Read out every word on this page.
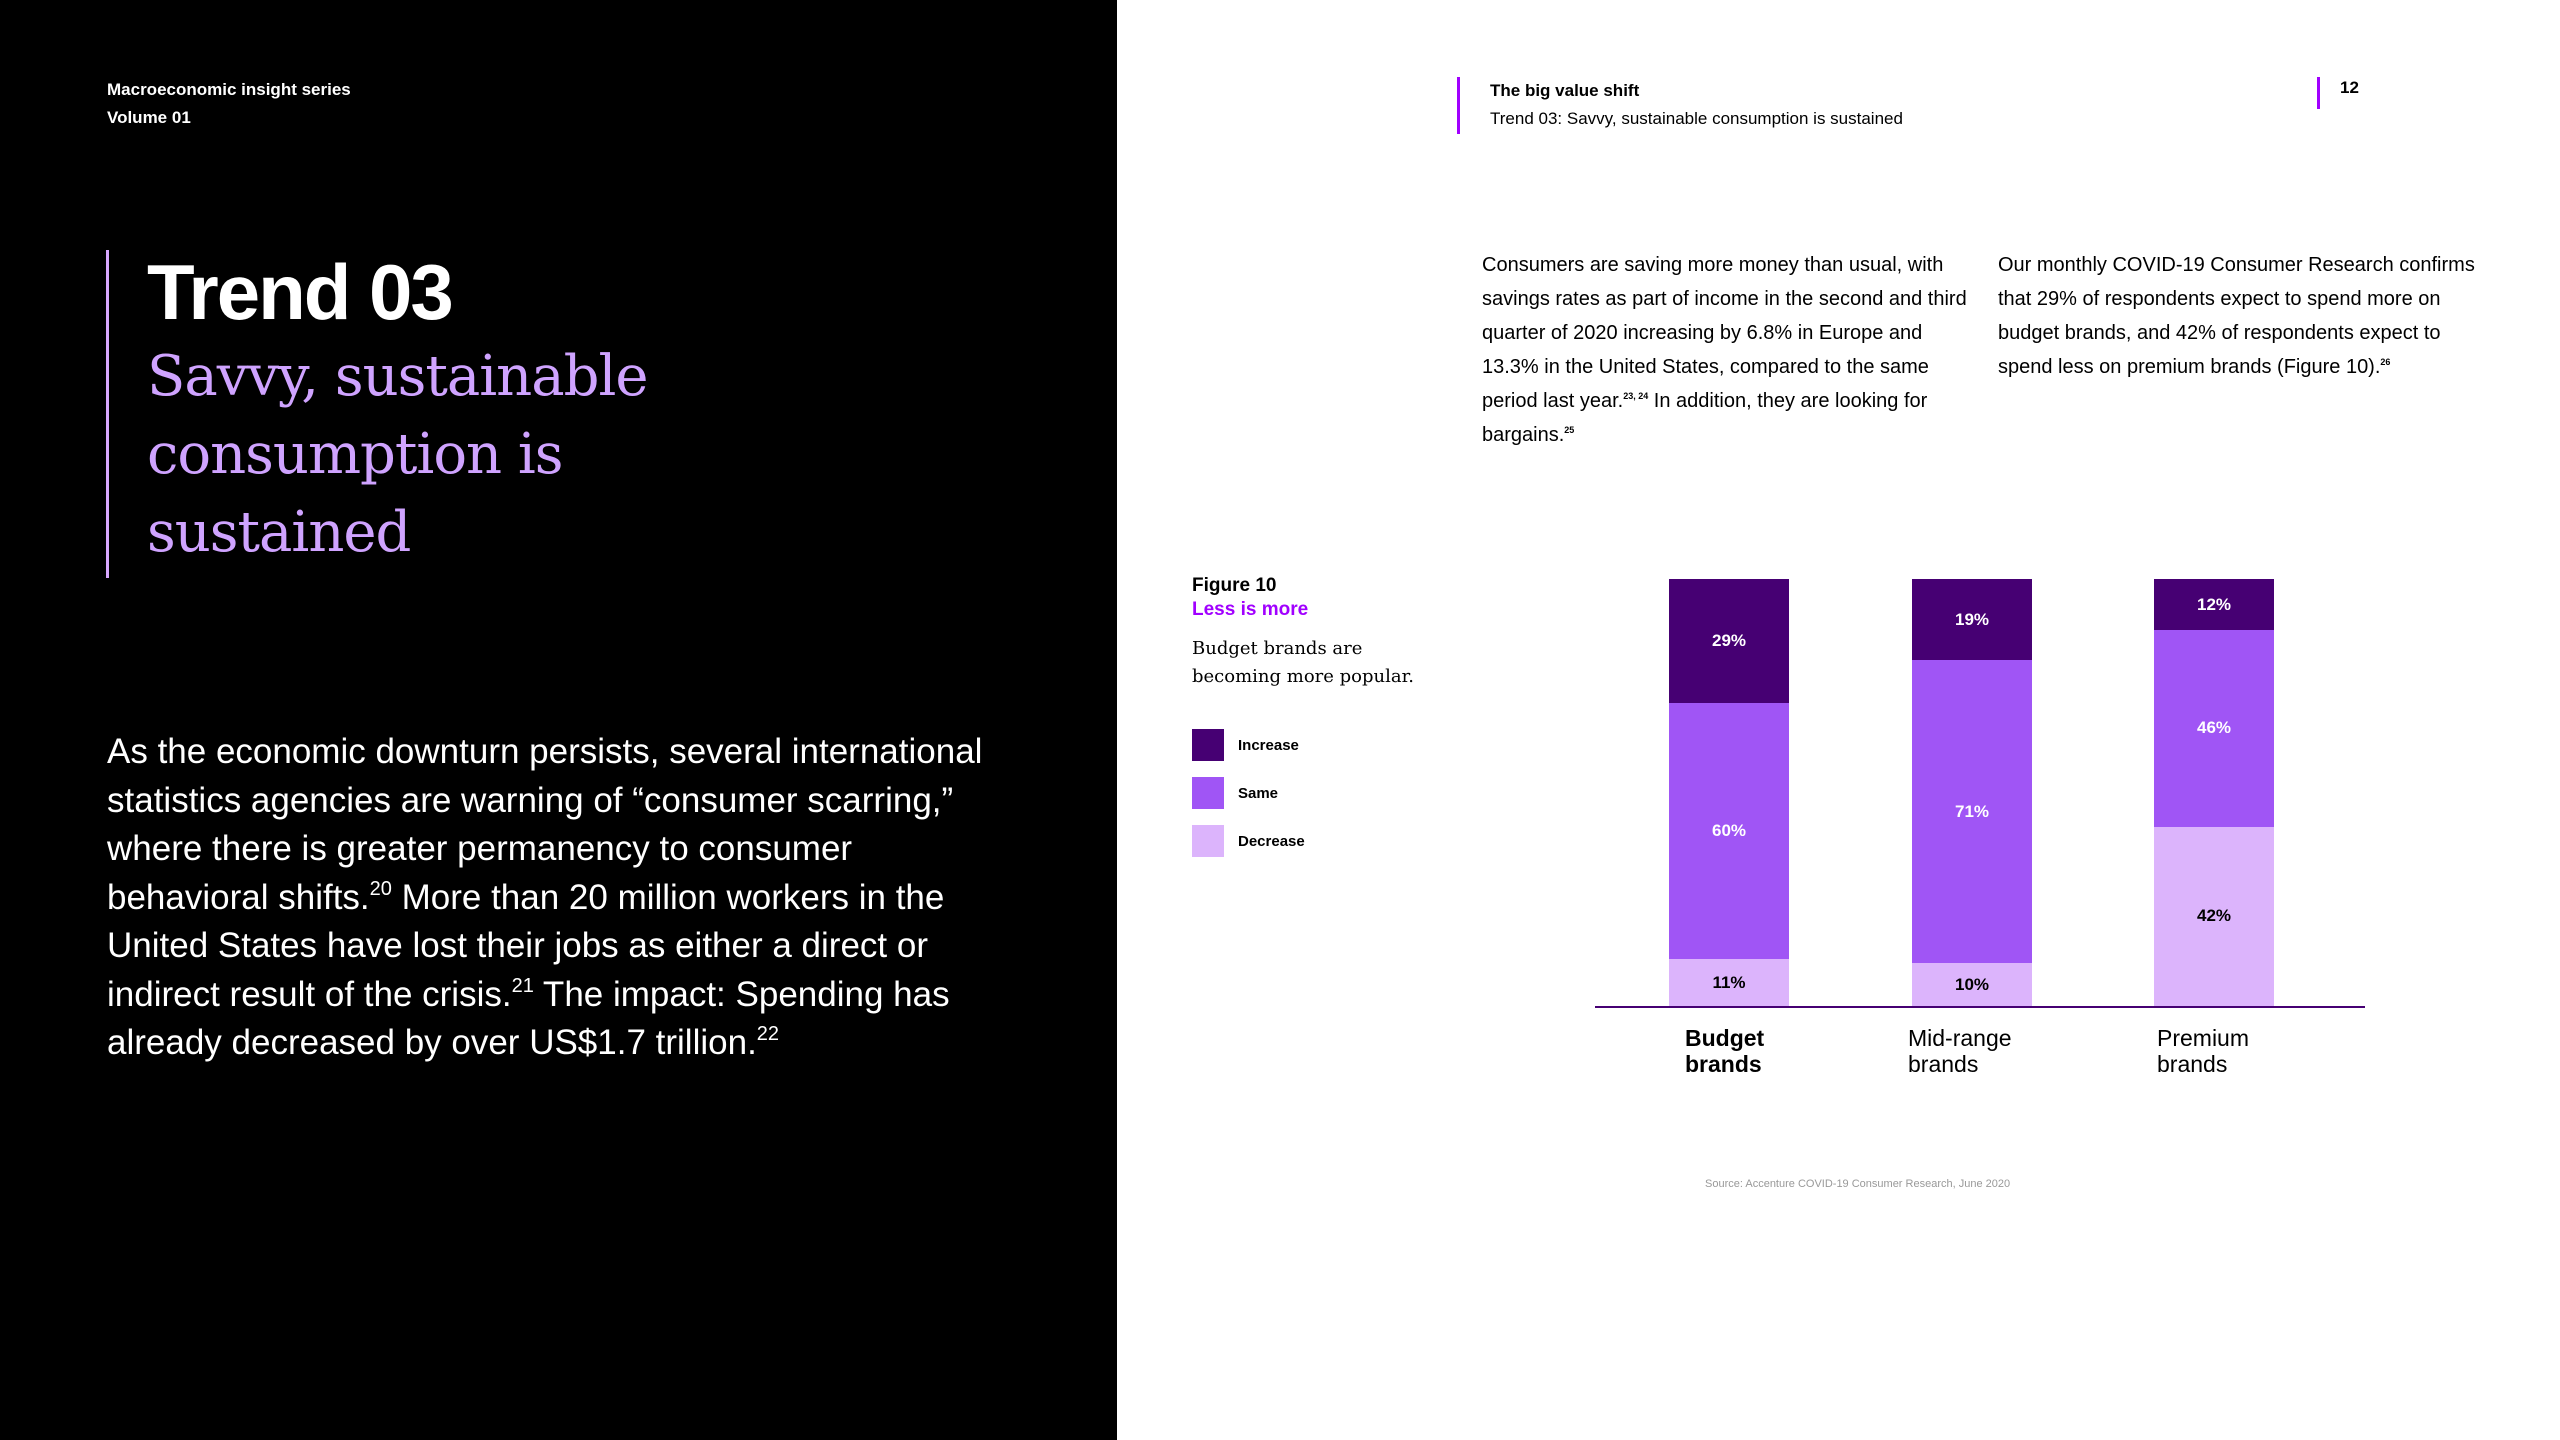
Macroeconomic insight series
Volume 01
Trend 03
Savvy, sustainable consumption is sustained
As the economic downturn persists, several international statistics agencies are warning of “consumer scarring,” where there is greater permanency to consumer behavioral shifts.$^{20}$ More than 20 million workers in the United States have lost their jobs as either a direct or indirect result of the crisis.$^{21}$ The impact: Spending has already decreased by over US$1.7 trillion.$^{22}$
The big value shift
Trend 03: Savvy, sustainable consumption is sustained
12
Consumers are saving more money than usual, with savings rates as part of income in the second and third quarter of 2020 increasing by 6.8% in Europe and 13.3% in the United States, compared to the same period last year.$^{23, 24}$ In addition, they are looking for bargains.$^{25}$
Our monthly COVID-19 Consumer Research confirms that 29% of respondents expect to spend more on budget brands, and 42% of respondents expect to spend less on premium brands (Figure 10).$^{26}$
Figure 10
Less is more
Budget brands are becoming more popular.
Increase
Same
Decrease
29%
60%
11%
Budget
brands
19%
71%
10%
Mid-range
brands
12%
46%
42%
Premium
brands
Source: Accenture COVID-19 Consumer Research, June 2020
